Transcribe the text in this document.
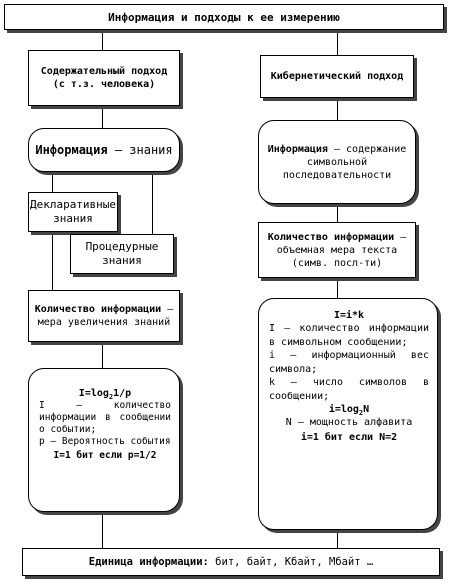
Информация и подходы к ее измерению
Содержательный подход
(с т.з. человека)
Информация – знания
Декларативные знания
Процедурные знания
Количество информации – мера увеличения знаний
$I=\log_21/p$
I – количество информации в сообщении о событии;
p – Вероятность события
I=1 бит если p=1/2
Кибернетический подход
Информация – содержание символьной последовательности
Количество информации – объемная мера текста (симв. посл-ти)
I=i*k
I – количество информации в символьном сообщении;
i – информационный вес символа;
k – число символов в сообщении;
$i=\log_2N$
N – мощность алфавита
i=1 бит если N=2
Единица информации: бит, байт, Кбайт, Мбайт …
